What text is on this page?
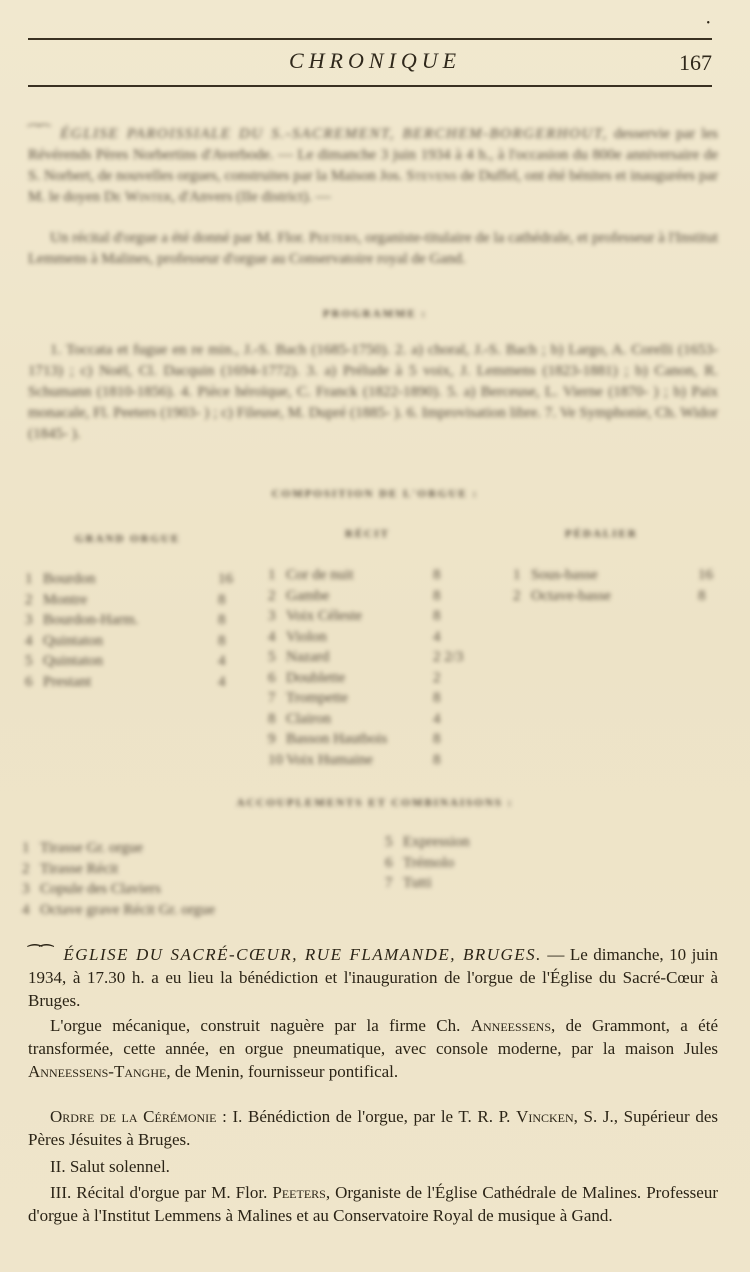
•
CHRONIQUE	167
⁀⁀ ÉGLISE PAROISSIALE DU S.-SACREMENT, BERCHEM-BORGERHOUT, desservie par les Révérends Pères Norbertins d'Averbode. — Le dimanche 3 juin 1934 à 4 h., à l'occasion du 800e anniversaire de S. Norbert, de nouvelles orgues, construites par la Maison Jos. Stevens de Duffel, ont été bénites et inaugurées par M. le doyen De Winter, d'Anvers (IIe district). —
Un récital d'orgue a été donné par M. Flor. Peeters, organiste-titulaire de la cathédrale, et professeur à l'Institut Lemmens à Malines, professeur d'orgue au Conservatoire royal de Gand.
PROGRAMME :
1. Toccata et fugue en re min., J.-S. Bach (1685-1750). 2. a) choral, J.-S. Bach ; b) Largo, A. Corelli (1653-1713) ; c) Noël, Cl. Dacquin (1694-1772). 3. a) Prélude à 5 voix, J. Lemmens (1823-1881) ; b) Canon, R. Schumann (1810-1856). 4. Pièce héroïque, C. Franck (1822-1890). 5. a) Berceuse, L. Vierne (1870- ) ; b) Paix monacale, Fl. Peeters (1903- ) ; c) Fileuse, M. Dupré (1885- ). 6. Improvisation libre. 7. Ve Symphonie, Ch. Widor (1845- ).
COMPOSITION DE L'ORGUE :
GRAND ORGUE	RÉCIT	PÉDALIER
1 Bourdon	16
2 Montre	8
3 Bourdon-Harm.	8
4 Quintaton	8
5 Quintaton	4
6 Prestant	4
1 Cor de nuit	8
2 Gambe	8
3 Voix Céleste	8
4 Violon	4
5 Nazard	2 2/3
6 Doublette	2
7 Trompette	8
8 Clairon	4
9 Basson Hautbois	8
10 Voix Humaine	8
1 Sous-basse	16
2 Octave-basse	8
ACCOUPLEMENTS ET COMBINAISONS :
1 Tirasse Gr. orgue
2 Tirasse Récit
3 Copule des Claviers
4 Octave grave Récit Gr. orgue
5 Expression
6 Trémolo
7 Tutti
⁀⁀ ÉGLISE DU SACRÉ-CŒUR, RUE FLAMANDE, BRUGES. — Le dimanche, 10 juin 1934, à 17.30 h. a eu lieu la bénédiction et l'inauguration de l'orgue de l'Église du Sacré-Cœur à Bruges.
L'orgue mécanique, construit naguère par la firme Ch. Anneessens, de Grammont, a été transformée, cette année, en orgue pneumatique, avec console moderne, par la maison Jules Anneessens-Tanghe, de Menin, fournisseur pontifical.
Ordre de la Cérémonie : I. Bénédiction de l'orgue, par le T. R. P. Vincken, S. J., Supérieur des Pères Jésuites à Bruges.
II. Salut solennel.
III. Récital d'orgue par M. Flor. Peeters, Organiste de l'Église Cathédrale de Malines. Professeur d'orgue à l'Institut Lemmens à Malines et au Conservatoire Royal de musique à Gand.
